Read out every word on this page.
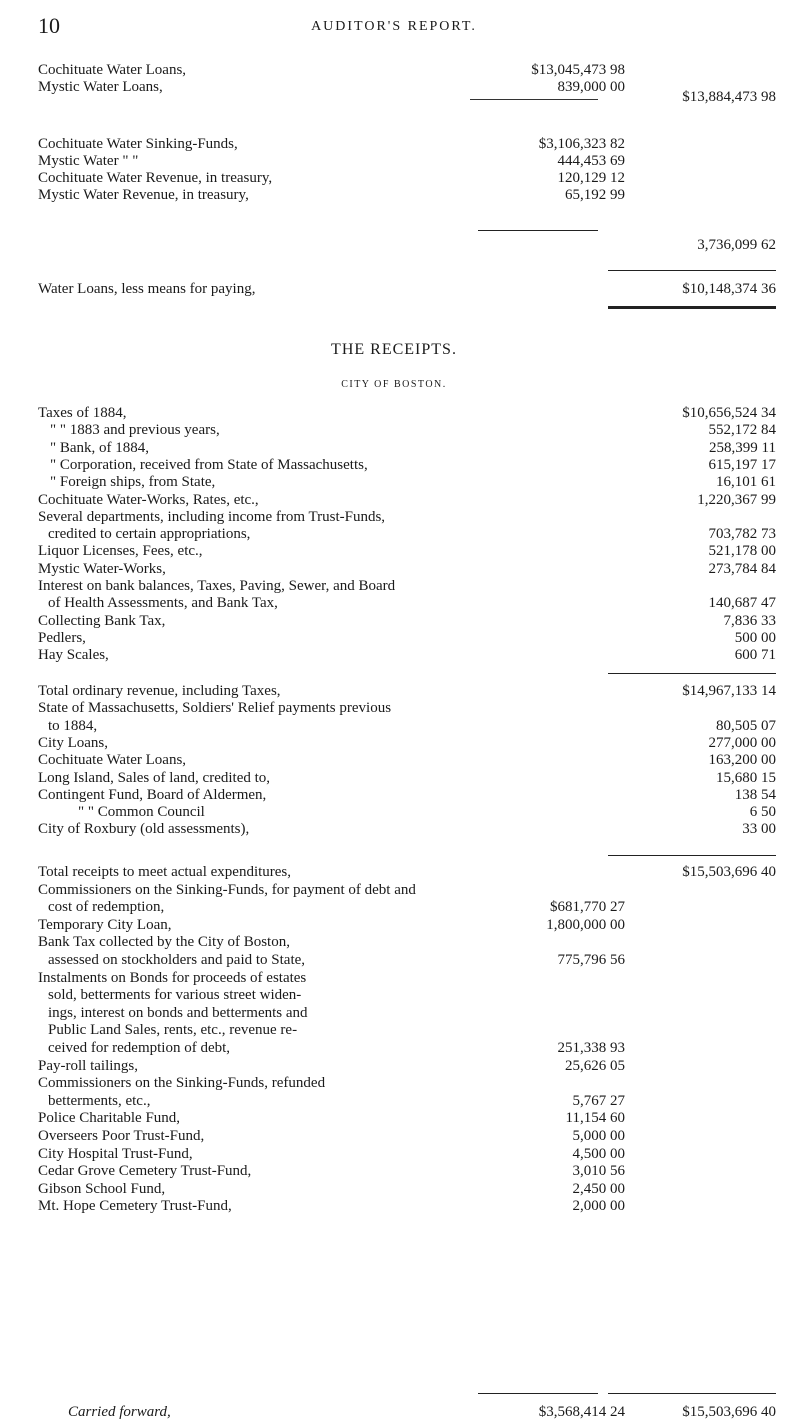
10	AUDITOR'S REPORT.
Cochituate Water Loans,	$13,045,473 98
Mystic Water Loans,	839,000 00
$13,884,473 98
Cochituate Water Sinking-Funds,	$3,106,323 82
Mystic Water " "	444,453 69
Cochituate Water Revenue, in treasury,	120,129 12
Mystic Water Revenue, in treasury,	65,192 99
3,736,099 62
Water Loans, less means for paying,	$10,148,374 36
THE RECEIPTS.
CITY OF BOSTON.
Taxes of 1884,	$10,656,524 34
" " 1883 and previous years,	552,172 84
" Bank, of 1884,	258,399 11
" Corporation, received from State of Massachusetts,	615,197 17
" Foreign ships, from State,	16,101 61
Cochituate Water-Works, Rates, etc.,	1,220,367 99
Several departments, including income from Trust-Funds,
credited to certain appropriations,	703,782 73
Liquor Licenses, Fees, etc.,	521,178 00
Mystic Water-Works,	273,784 84
Interest on bank balances, Taxes, Paving, Sewer, and Board
of Health Assessments, and Bank Tax,	140,687 47
Collecting Bank Tax,	7,836 33
Pedlers,	500 00
Hay Scales,	600 71
Total ordinary revenue, including Taxes,	$14,967,133 14
State of Massachusetts, Soldiers' Relief payments previous
to 1884,	80,505 07
City Loans,	277,000 00
Cochituate Water Loans,	163,200 00
Long Island, Sales of land, credited to,	15,680 15
Contingent Fund, Board of Aldermen,	138 54
" " Common Council	6 50
City of Roxbury (old assessments),	33 00
Total receipts to meet actual expenditures,	$15,503,696 40
Commissioners on the Sinking-Funds, for payment of debt and
cost of redemption,	$681,770 27
Temporary City Loan,	1,800,000 00
Bank Tax collected by the City of Boston,
assessed on stockholders and paid to State,	775,796 56
Instalments on Bonds for proceeds of estates
sold, betterments for various street widen-
ings, interest on bonds and betterments and
Public Land Sales, rents, etc., revenue re-
ceived for redemption of debt,	251,338 93
Pay-roll tailings,	25,626 05
Commissioners on the Sinking-Funds, refunded
betterments, etc.,	5,767 27
Police Charitable Fund,	11,154 60
Overseers Poor Trust-Fund,	5,000 00
City Hospital Trust-Fund,	4,500 00
Cedar Grove Cemetery Trust-Fund,	3,010 56
Gibson School Fund,	2,450 00
Mt. Hope Cemetery Trust-Fund,	2,000 00
Carried forward,	$3,568,414 24	$15,503,696 40
